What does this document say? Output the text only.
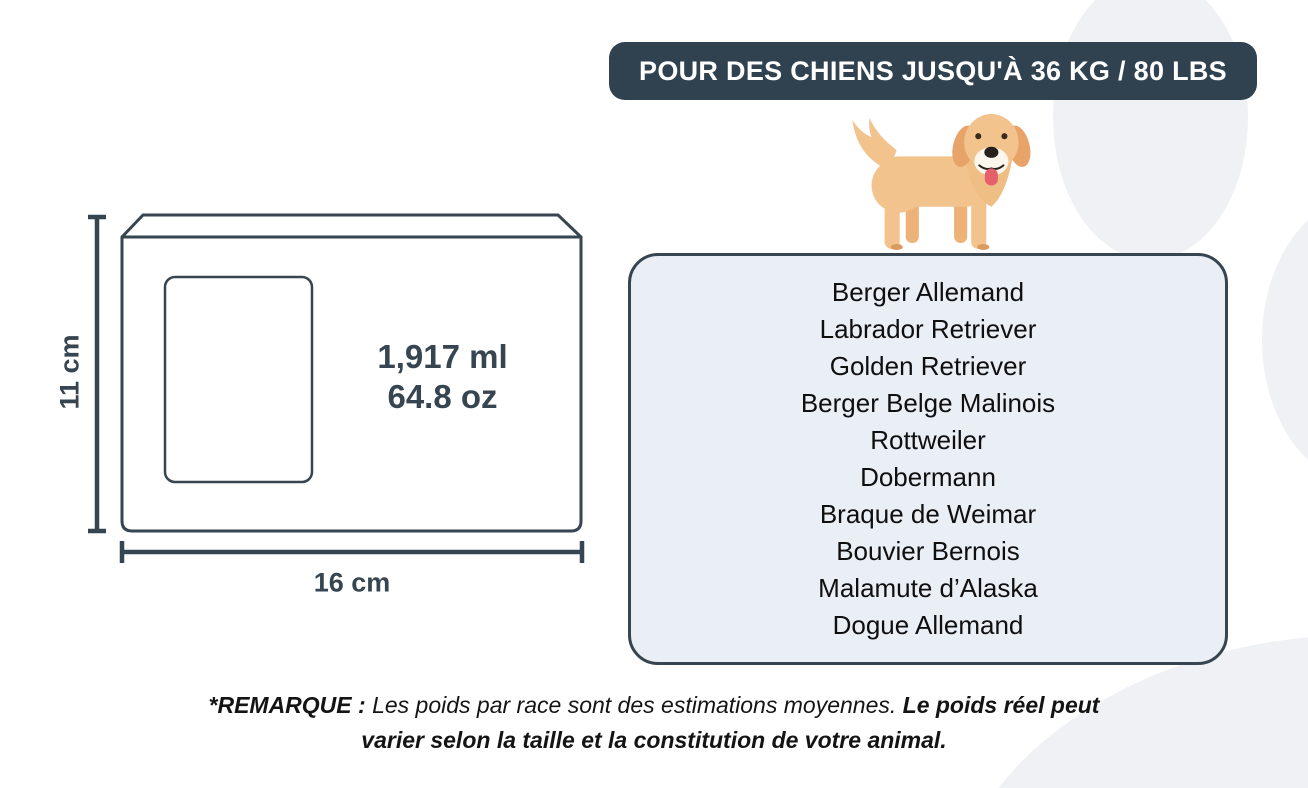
POUR DES CHIENS JUSQU'À 36 KG / 80 LBS
Berger Allemand
Labrador Retriever
Golden Retriever
Berger Belge Malinois
Rottweiler
Dobermann
Braque de Weimar
Bouvier Bernois
Malamute d’Alaska
Dogue Allemand
1,917 ml
64.8 oz
11 cm
16 cm
*REMARQUE : Les poids par race sont des estimations moyennes. Le poids réel peut
varier selon la taille et la constitution de votre animal.
